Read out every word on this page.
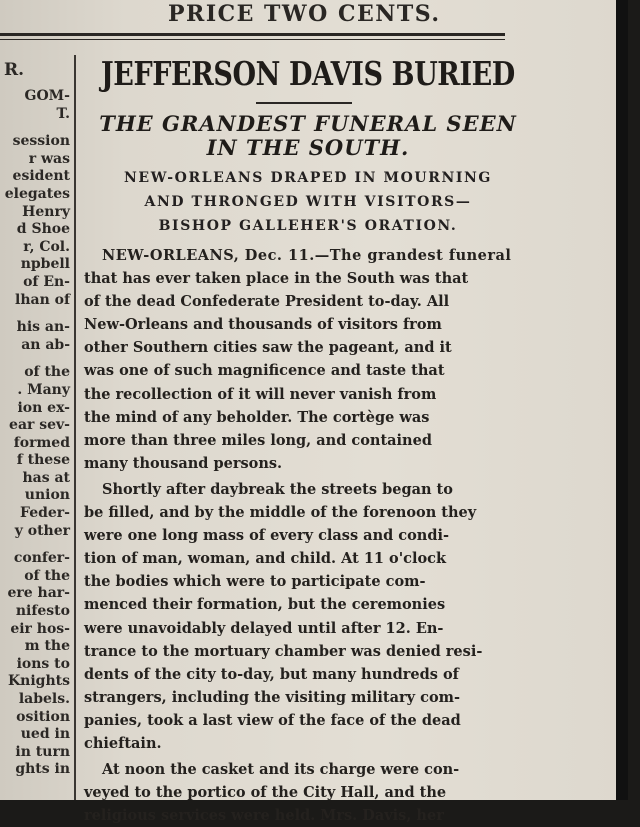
PRICE TWO CENTS.
R.
GOM-
T.
session
r was
esident
elegates
Henry
d Shoe
r, Col.
npbell
of En-
lhan of
his an-
an ab-
of the
. Many
ion ex-
ear sev-
formed
f these
has at
union
Feder-
y other
confer-
of the
ere har-
nifesto
eir hos-
m the
ions to
Knights
labels.
osition
ued in
in turn
ghts in
JEFFERSON DAVIS BURIED
THE GRANDEST FUNERAL SEEN
IN THE SOUTH.
NEW-ORLEANS DRAPED IN MOURNING
AND THRONGED WITH VISITORS—
BISHOP GALLEHER'S ORATION.
NEW-ORLEANS, Dec. 11.—The grandest funeral
that has ever taken place in the South was that
of the dead Confederate President to-day. All
New-Orleans and thousands of visitors from
other Southern cities saw the pageant, and it
was one of such magnificence and taste that
the recollection of it will never vanish from
the mind of any beholder. The cortège was
more than three miles long, and contained
many thousand persons.
Shortly after daybreak the streets began to
be filled, and by the middle of the forenoon they
were one long mass of every class and condi-
tion of man, woman, and child. At 11 o'clock
the bodies which were to participate com-
menced their formation, but the ceremonies
were unavoidably delayed until after 12. En-
trance to the mortuary chamber was denied resi-
dents of the city to-day, but many hundreds of
strangers, including the visiting military com-
panies, took a last view of the face of the dead
chieftain.
At noon the casket and its charge were con-
veyed to the portico of the City Hall, and the
religious services were held. Mrs. Davis, her
